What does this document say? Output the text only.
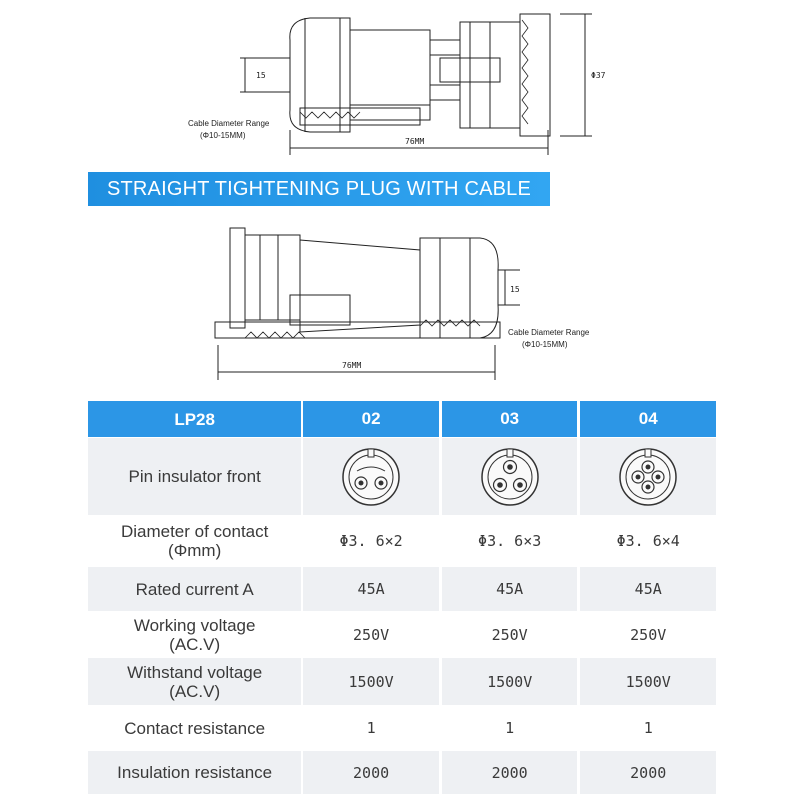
15	Φ37
76MM
Cable Diameter Range
(Φ10-15MM)
STRAIGHT TIGHTENING PLUG WITH CABLE
15
76MM
Cable Diameter Range
(Φ10-15MM)
LP28	02	03	04
Pin insulator front
Diameter of contact
(Φmm)	Φ3. 6×2	Φ3. 6×3	Φ3. 6×4
Rated current A	45A	45A	45A
Working voltage
(AC.V)	250V	250V	250V
Withstand voltage
(AC.V)	1500V	1500V	1500V
Contact resistance	1	1	1
Insulation resistance	2000	2000	2000
